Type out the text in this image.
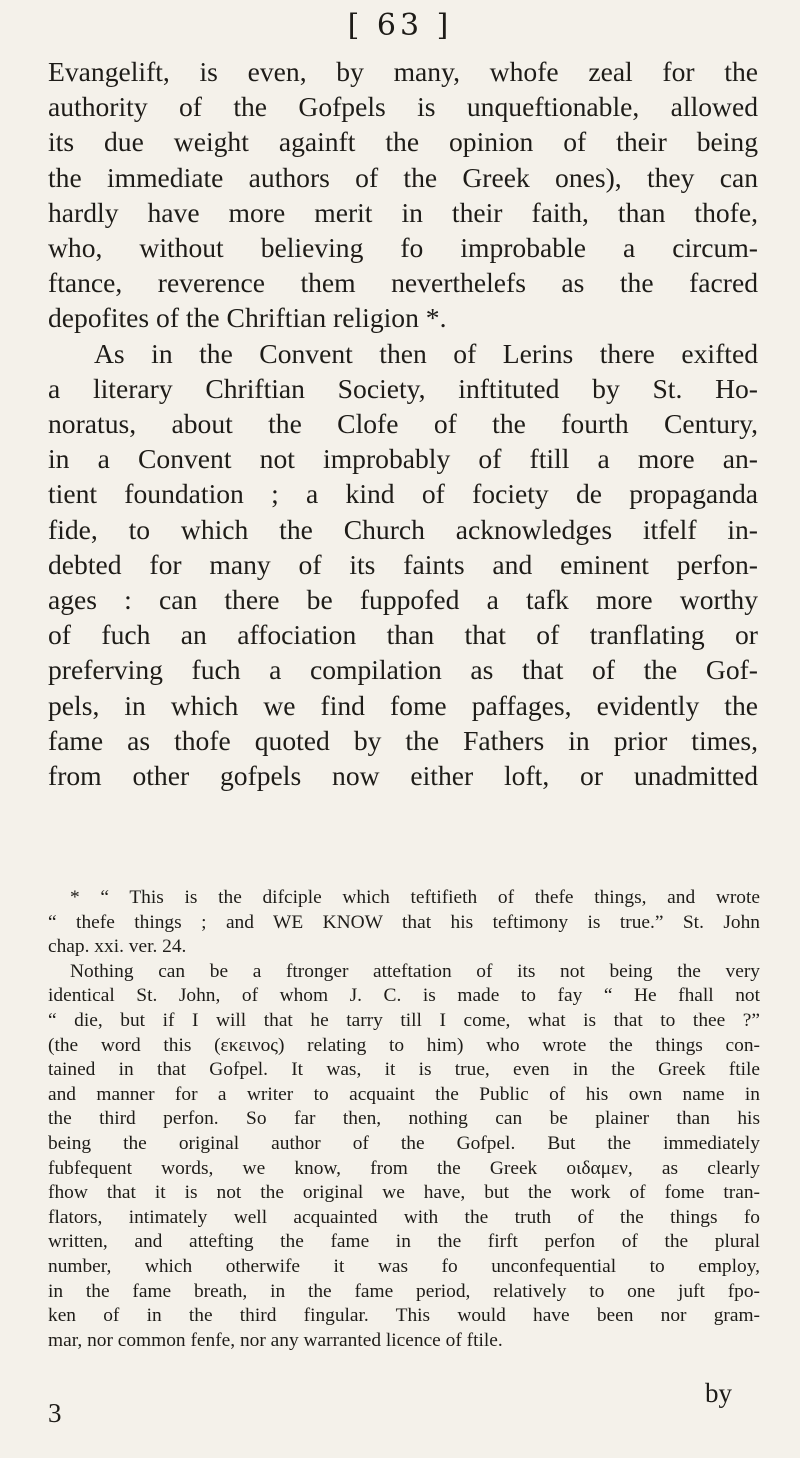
[ 63 ]
Evangelift, is even, by many, whofe zeal for the
authority of the Gofpels is unqueftionable, allowed
its due weight againft the opinion of their being
the immediate authors of the Greek ones), they can
hardly have more merit in their faith, than thofe,
who, without believing fo improbable a circum-
ftance, reverence them neverthelefs as the facred
depofites of the Chriftian religion *.
As in the Convent then of Lerins there exifted
a literary Chriftian Society, inftituted by St. Ho-
noratus, about the Clofe of the fourth Century,
in a Convent not improbably of ftill a more an-
tient foundation ; a kind of fociety de propaganda
fide, to which the Church acknowledges itfelf in-
debted for many of its faints and eminent perfon-
ages : can there be fuppofed a tafk more worthy
of fuch an affociation than that of tranflating or
preferving fuch a compilation as that of the Gof-
pels, in which we find fome paffages, evidently the
fame as thofe quoted by the Fathers in prior times,
from other gofpels now either loft, or unadmitted
* “ This is the difciple which teftifieth of thefe things, and wrote
“ thefe things ; and WE KNOW that his teftimony is true.” St. John
chap. xxi. ver. 24.
Nothing can be a ftronger atteftation of its not being the very
identical St. John, of whom J. C. is made to fay “ He fhall not
“ die, but if I will that he tarry till I come, what is that to thee ?”
(the word this (εκεινος) relating to him) who wrote the things con-
tained in that Gofpel. It was, it is true, even in the Greek ftile
and manner for a writer to acquaint the Public of his own name in
the third perfon. So far then, nothing can be plainer than his
being the original author of the Gofpel. But the immediately
fubfequent words, we know, from the Greek οιδαμεν, as clearly
fhow that it is not the original we have, but the work of fome tran-
flators, intimately well acquainted with the truth of the things fo
written, and attefting the fame in the firft perfon of the plural
number, which otherwife it was fo unconfequential to employ,
in the fame breath, in the fame period, relatively to one juft fpo-
ken of in the third fingular. This would have been nor gram-
mar, nor common fenfe, nor any warranted licence of ftile.
by
3
